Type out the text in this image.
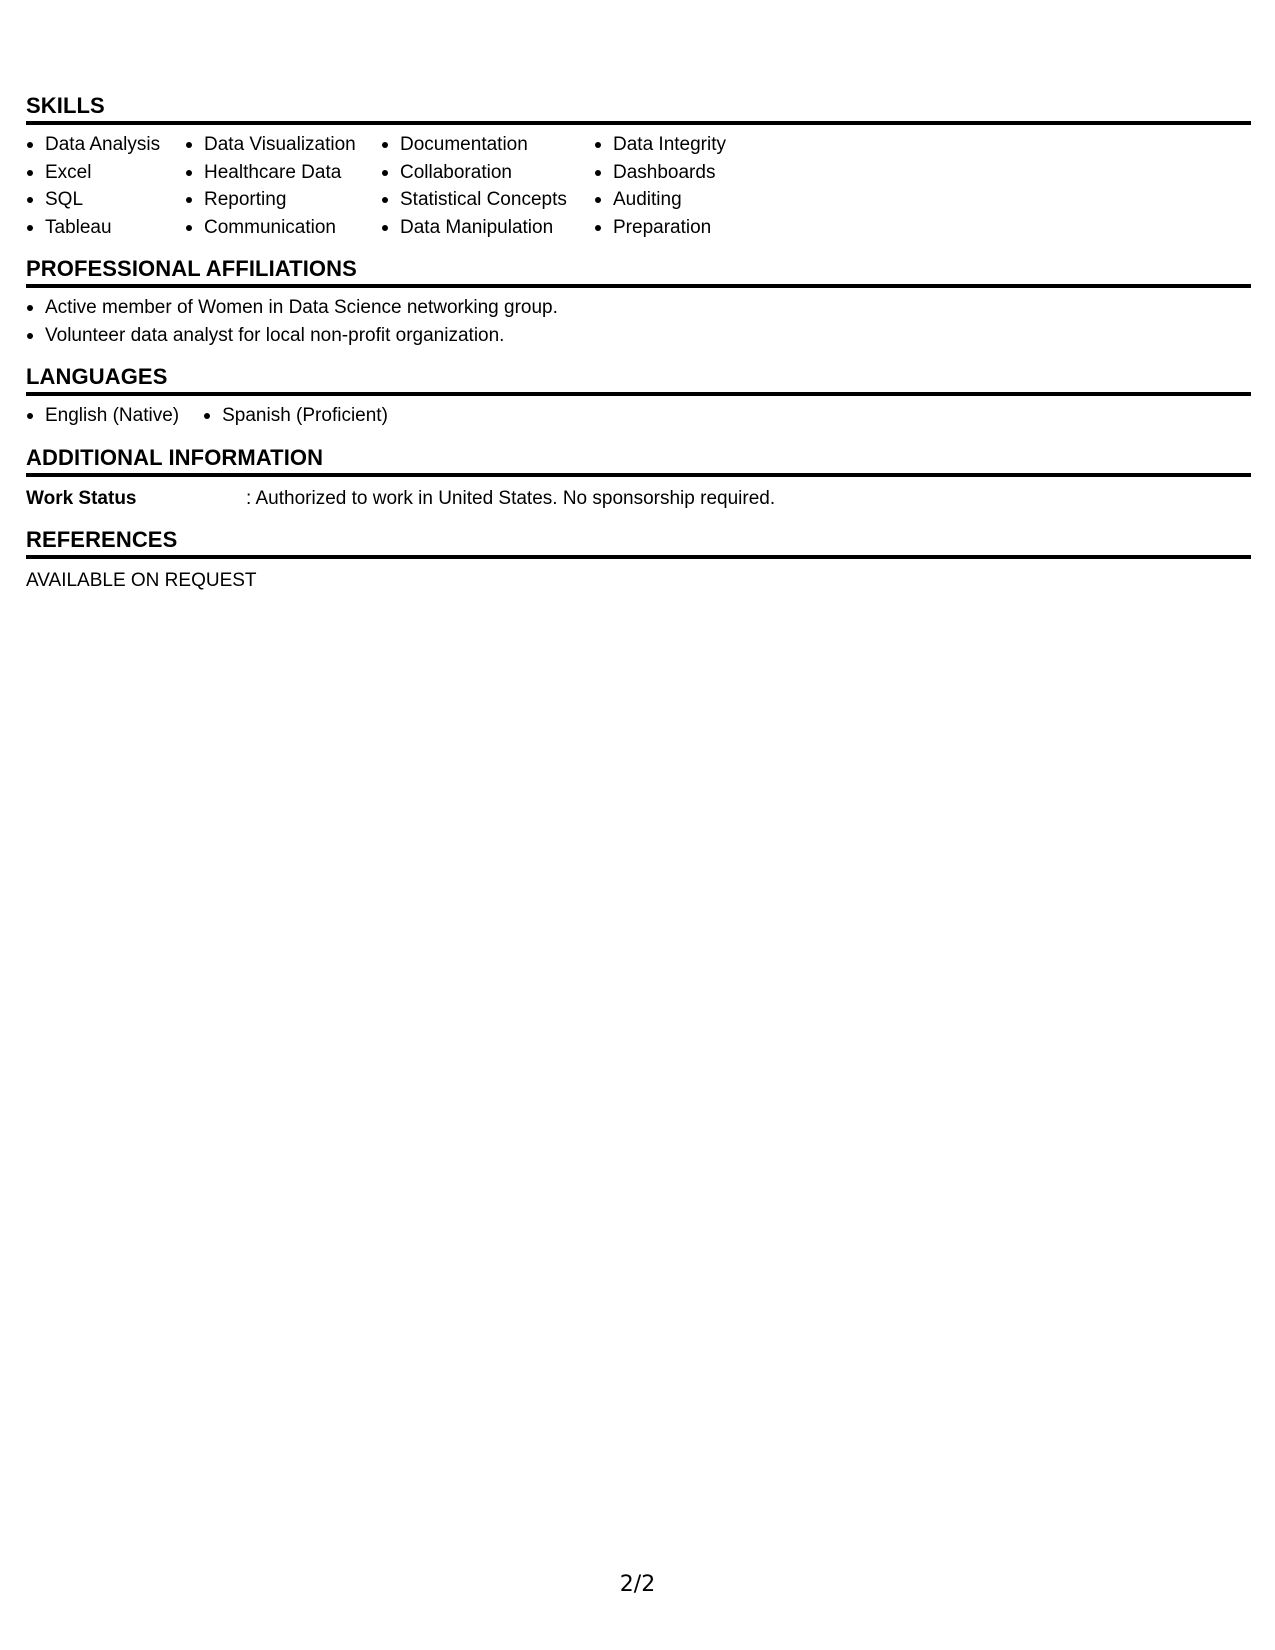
SKILLS
Data Analysis
Excel
SQL
Tableau
Data Visualization
Healthcare Data
Reporting
Communication
Documentation
Collaboration
Statistical Concepts
Data Manipulation
Data Integrity
Dashboards
Auditing
Preparation
PROFESSIONAL AFFILIATIONS
Active member of Women in Data Science networking group.
Volunteer data analyst for local non-profit organization.
LANGUAGES
English (Native)	Spanish (Proficient)
ADDITIONAL INFORMATION
Work Status	: Authorized to work in United States. No sponsorship required.
REFERENCES
AVAILABLE ON REQUEST
2/2
